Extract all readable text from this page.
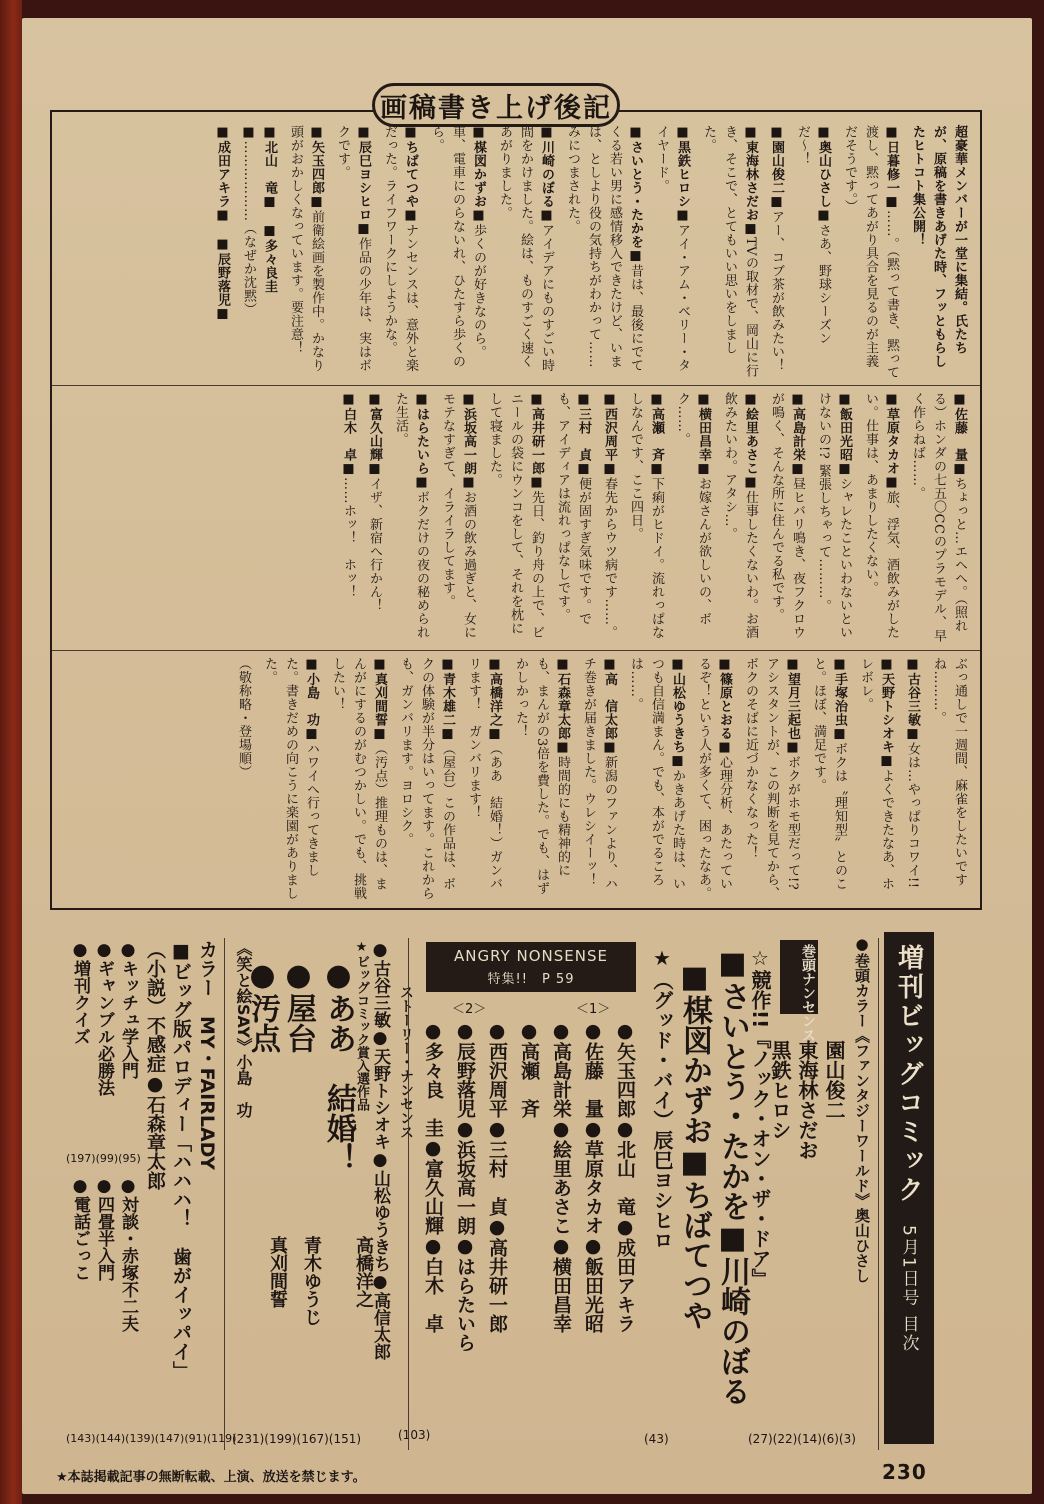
画稿書き上げ後記
超豪華メンバーが一堂に集結。氏たちが、原稿を書きあげた時、フッともらしたヒトコト集公開！
■日暮修一■……。（黙って書き、黙って渡し、黙ってあがり具合を見るのが主義だそうです。）
■奥山ひさし■さあ、野球シーズンだ〜！
■園山俊二■アー、コブ茶が飲みたい！
■東海林さだお■TVの取材で、岡山に行き、そこで、とてもいい思いをしました。
■黒鉄ヒロシ■アイ・アム・ベリー・タイヤード。
■さいとう・たかを■昔は、最後にでてくる若い男に感情移入できたけど、いまは、としより役の気持ちがわかって……みにつまされた。
■川崎のぼる■アイデアにものすごい時間をかけました。絵は、ものすごく速くあがりました。
■楳図かずお■歩くのが好きなのら。車、電車にのらないれ、ひたすら歩くのら。
■ちばてつや■ナンセンスは、意外と楽だった。ライフワークにしようかな。
■辰巳ヨシヒロ■作品の少年は、実はボクです。
■矢玉四郎■前衛絵画を製作中。かなり頭がおかしくなっています。要注意！
■北山　竜■　■多々良圭■………………（なぜか沈黙）
■成田アキラ■　■辰野落児■
■佐藤　量■ちょっと…エヘヘ。（照れる）ホンダの七五〇CCのプラモデル、早く作らねば……。
■草原タカオ■旅、浮気、酒飲みがしたい。仕事は、あまりしたくない。
■飯田光昭■シャレたこといわないといけないの!? 緊張しちゃって………。
■高島計栄■昼ヒバリ鳴き、夜フクロウが鳴く、そんな所に住んでる私です。
■絵里あさこ■仕事したくないわ。お酒飲みたいわ。アタシ…。
■横田昌幸■お嫁さんが欲しいの、ボク……。
■高瀬　斉■下痢がヒドイ。流れっぱなしなんです、ここ四日。
■西沢周平■春先からウツ病です……。
■三村　貞■便が固すぎ気味です。でも、アイディアは流れっぱなしです。
■高井研一郎■先日、釣り舟の上で、ビニールの袋にウンコをして、それを枕にして寝ました。
■浜坂高一朗■お酒の飲み過ぎと、女にモテなすぎて、イライラしてます。
■はらたいら■ボクだけの夜の秘められた生活。
■富久山輝■イザ、新宿へ行かん！
■白木　卓■……ホッ！　ホッ！
ぶっ通しで一週間、麻雀をしたいですね………。
■古谷三敏■女は…やっぱりコワイ!!
■天野トシオキ■よくできたなあ、ホレボレ。
■手塚治虫■ボクは〝理知型〟とのこと。ほぼ、満足です。
■望月三起也■ボクがホモ型だって!? アシスタントが、この判断を見てから、ボクのそばに近づかなくなった！
■篠原とおる■心理分析、あたっているぞ！という人が多くて、困ったなあ。
■山松ゆうきち■かきあげた時は、いつも自信満まん。でも、本がでるころは……。
■高　信太郎■新潟のファンより、ハチ巻きが届きました。ウレシイーッ！
■石森章太郎■時間的にも精神的にも、まんがの3倍を費した。でも、はずかしかった！
■高橋洋之■（ああ　結婚！）ガンバリます！　ガンバリます！
■青木雄二■（屋台）この作品は、ボクの体験が半分はいってます。これからも、ガンバリます。ヨロシク。
■真刈間誓■（汚点）推理ものは、まんがにするのがむつかしい。でも、挑戦したい！
■小島　功■ハワイへ行ってきました。書きだめの向こうに楽園がありました。
（敬称略・登場順）
増刊ビッグコミック
5月1日号 目次
●巻頭カラー《ファンタジーワールド》奥山ひさし
園山俊二
東海林さだお
黒鉄ヒロシ
(27)(22)(14)(6)(3)
巻頭ナンセンス
☆競作!!『ノック・オン・ザ・ドア』
■さいとう・たかを■川崎のぼる
■楳図かずお■ちばてつや
★（グッド・バイ）辰巳ヨシヒロ
(43)
ANGRY NONSENSE
特集!!　P 59
＜1＞
＜2＞
●矢玉四郎●北山　竜●成田アキラ
●佐藤　量●草原タカオ●飯田光昭
●高島計栄●絵里あさこ●横田昌幸
●高瀬　斉
●西沢周平●三村　貞●高井研一郎
●辰野落児●浜坂高一朗●はらたいら
●多々良　圭●富久山輝●白木　卓
ストーリー・ナンセンス
●古谷三敏●天野トシオキ●山松ゆうきち●高信太郎
(103)
★ビッグコミック賞入選作品
●ああ　結婚！
高橋洋之
●屋台
青木ゆうじ
●汚点
真刈間誓
《笑と絵SAY》小島　功
(231)(199)(167)(151)
カラー　MY・FAIRLADY
■ビッグ版パロディー「ハハハ！　歯がイッパイ」
（小説）不感症●石森章太郎
●キッチュ学入門
●ギャンブル必勝法
●増刊クイズ
(197)(99)(95)
●対談・赤塚不二夫
●四畳半入門
●電話ごっこ
(143)(144)(139)(147)(91)(119)
★本誌掲載記事の無断転載、上演、放送を禁じます。	230
